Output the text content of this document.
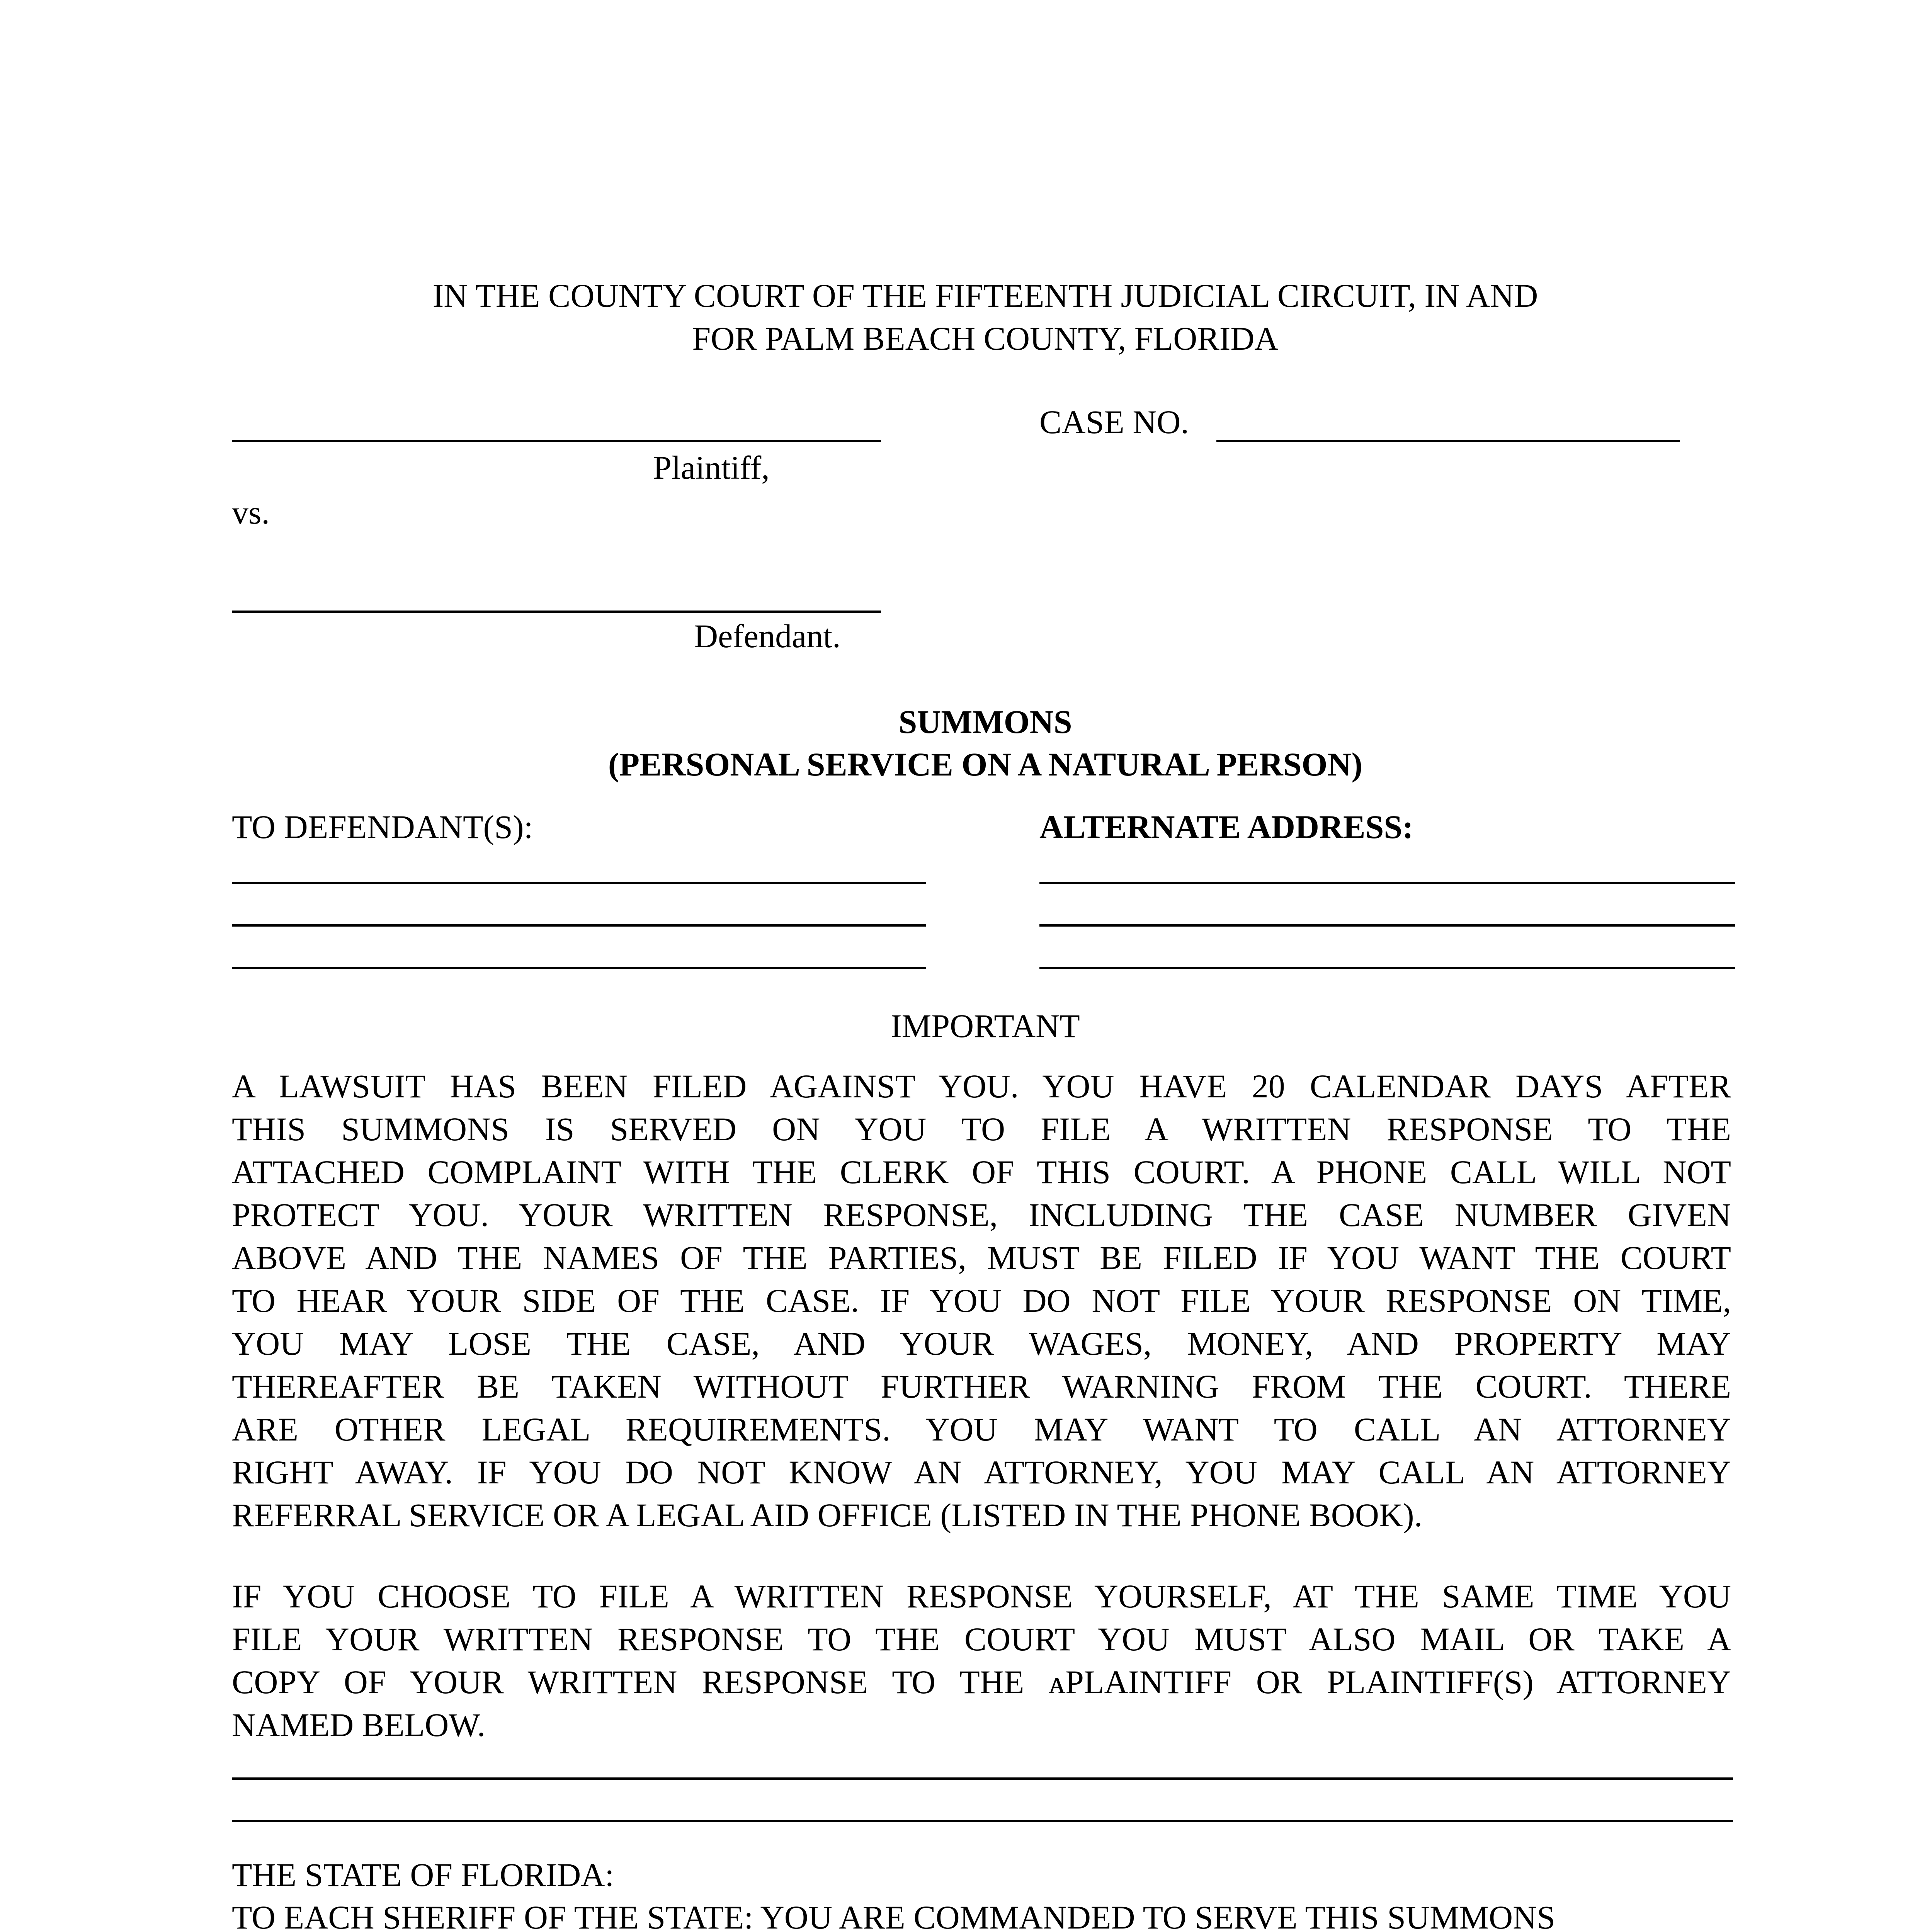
IN THE COUNTY COURT OF THE FIFTEENTH JUDICIAL CIRCUIT, IN AND
FOR PALM BEACH COUNTY, FLORIDA
CASE NO.
Plaintiff,
vs.
Defendant.
SUMMONS
(PERSONAL SERVICE ON A NATURAL PERSON)
TO DEFENDANT(S):	ALTERNATE ADDRESS:
IMPORTANT
A LAWSUIT HAS BEEN FILED AGAINST YOU. YOU HAVE 20 CALENDAR DAYS AFTER
THIS SUMMONS IS SERVED ON YOU TO FILE A WRITTEN RESPONSE TO THE
ATTACHED COMPLAINT WITH THE CLERK OF THIS COURT. A PHONE CALL WILL NOT
PROTECT YOU. YOUR WRITTEN RESPONSE, INCLUDING THE CASE NUMBER GIVEN
ABOVE AND THE NAMES OF THE PARTIES, MUST BE FILED IF YOU WANT THE COURT
TO HEAR YOUR SIDE OF THE CASE. IF YOU DO NOT FILE YOUR RESPONSE ON TIME,
YOU MAY LOSE THE CASE, AND YOUR WAGES, MONEY, AND PROPERTY MAY
THEREAFTER BE TAKEN WITHOUT FURTHER WARNING FROM THE COURT. THERE
ARE OTHER LEGAL REQUIREMENTS. YOU MAY WANT TO CALL AN ATTORNEY
RIGHT AWAY. IF YOU DO NOT KNOW AN ATTORNEY, YOU MAY CALL AN ATTORNEY
REFERRAL SERVICE OR A LEGAL AID OFFICE (LISTED IN THE PHONE BOOK).
IF YOU CHOOSE TO FILE A WRITTEN RESPONSE YOURSELF, AT THE SAME TIME YOU
FILE YOUR WRITTEN RESPONSE TO THE COURT YOU MUST ALSO MAIL OR TAKE A
COPY OF YOUR WRITTEN RESPONSE TO THE ᴀPLAINTIFF OR PLAINTIFF(S) ATTORNEY
NAMED BELOW.
THE STATE OF FLORIDA:
TO EACH SHERIFF OF THE STATE: YOU ARE COMMANDED TO SERVE THIS SUMMONS
